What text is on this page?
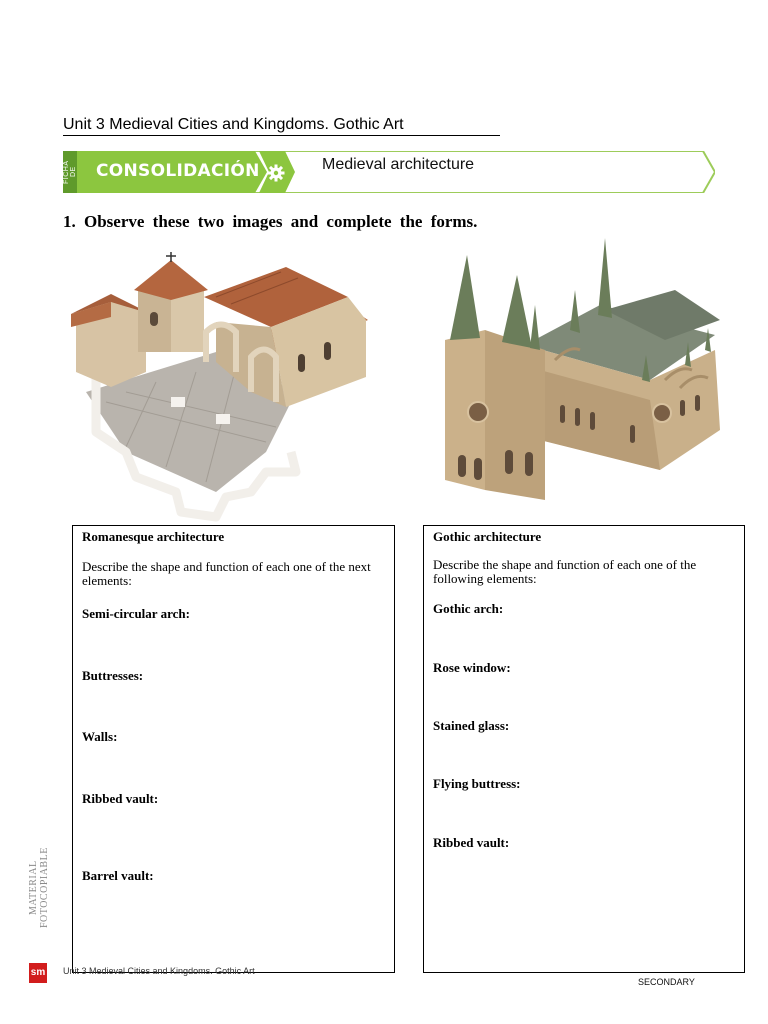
Unit 3 Medieval Cities and Kingdoms. Gothic Art
FICHA DE CONSOLIDACIÓN	Medieval architecture
1. Observe these two images and complete the forms.
Romanesque architecture
Describe the shape and function of each one of the next elements:
Semi-circular arch:
Buttresses:
Walls:
Ribbed vault:
Barrel vault:
Gothic architecture
Describe the shape and function of each one of the following elements:
Gothic arch:
Rose window:
Stained glass:
Flying buttress:
Ribbed vault:
MATERIAL FOTOCOPIABLE
sm Unit 3 Medieval Cities and Kingdoms. Gothic Art
SECONDARY
